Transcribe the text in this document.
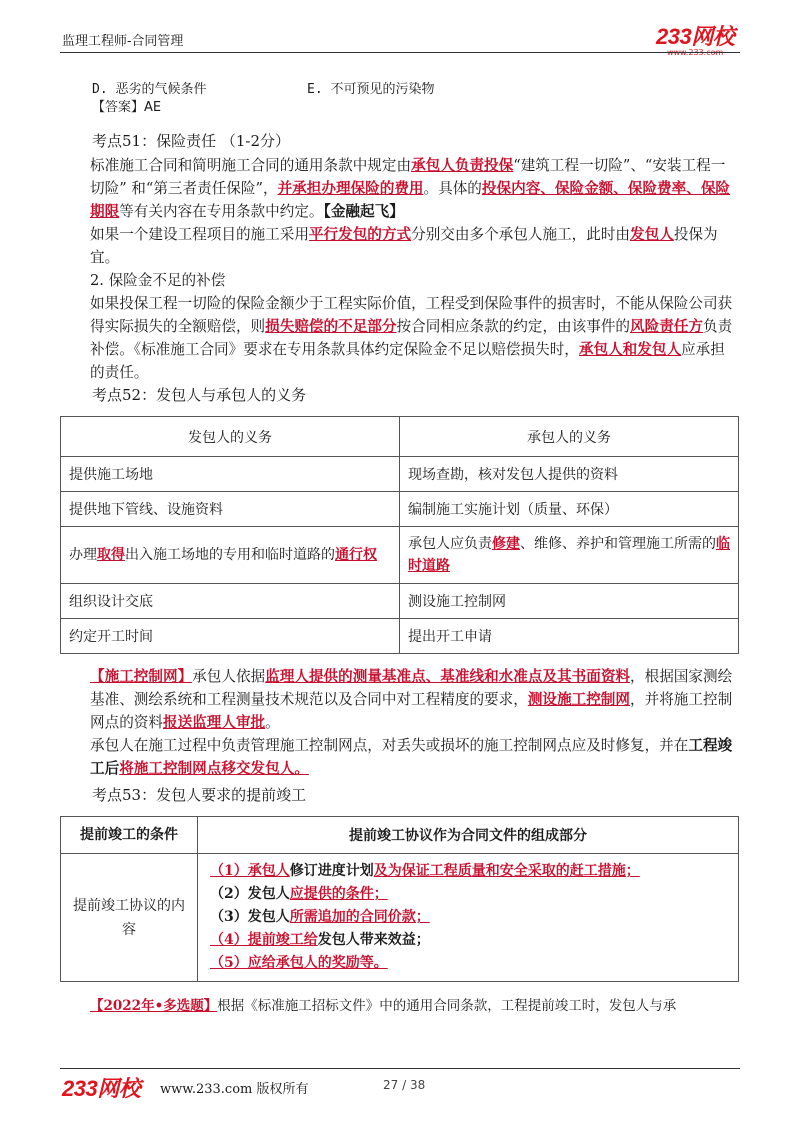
监理工程师-合同管理	233网校
D. 恶劣的气候条件	E. 不可预见的污染物
【答案】AE
考点51：保险责任 （1-2分）
标准施工合同和简明施工合同的通用条款中规定由承包人负责投保“建筑工程一切险”、“安装工程一切险” 和“第三者责任保险”，并承担办理保险的费用。具体的投保内容、保险金额、保险费率、保险期限等有关内容在专用条款中约定。【金融起飞】
如果一个建设工程项目的施工采用平行发包的方式分别交由多个承包人施工，此时由发包人投保为宜。
2. 保险金不足的补偿
如果投保工程一切险的保险金额少于工程实际价值，工程受到保险事件的损害时，不能从保险公司获得实际损失的全额赔偿，则损失赔偿的不足部分按合同相应条款的约定，由该事件的风险责任方负责补偿。《标准施工合同》要求在专用条款具体约定保险金不足以赔偿损失时，承包人和发包人应承担的责任。
考点52：发包人与承包人的义务
发包人的义务	承包人的义务
提供施工场地	现场查勘，核对发包人提供的资料
提供地下管线、设施资料	编制施工实施计划（质量、环保）
办理取得出入施工场地的专用和临时道路的通行权	承包人应负责修建、维修、养护和管理施工所需的临时道路
组织设计交底	测设施工控制网
约定开工时间	提出开工申请
【施工控制网】承包人依据监理人提供的测量基准点、基准线和水准点及其书面资料，根据国家测绘基准、测绘系统和工程测量技术规范以及合同中对工程精度的要求，测设施工控制网，并将施工控制网点的资料报送监理人审批。
承包人在施工过程中负责管理施工控制网点，对丢失或损坏的施工控制网点应及时修复，并在工程竣工后将施工控制网点移交发包人。
考点53：发包人要求的提前竣工
提前竣工的条件	提前竣工协议作为合同文件的组成部分
提前竣工协议的内容	（1）承包人修订进度计划及为保证工程质量和安全采取的赶工措施；
（2）发包人应提供的条件；
（3）发包人所需追加的合同价款；
（4）提前竣工给发包人带来效益；
（5）应给承包人的奖励等。
【2022年•多选题】根据《标准施工招标文件》中的通用合同条款，工程提前竣工时，发包人与承
233网校 www.233.com 版权所有	27 / 38
